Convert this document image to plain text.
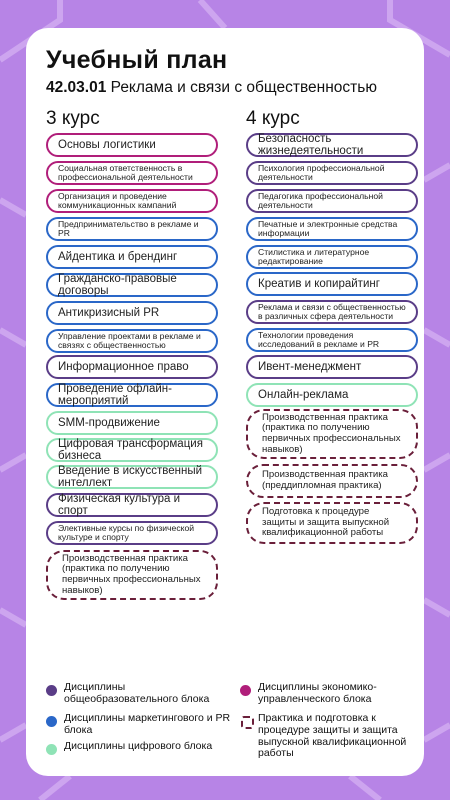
Учебный план
42.03.01 Реклама и связи с общественностью
3 курс	4 курс
Основы логистики
Социальная ответственность в профессиональной деятельности
Организация и проведение коммуникационных кампаний
Предпринимательство в рекламе и PR
Айдентика и брендинг
Гражданско-правовые договоры
Антикризисный PR
Управление проектами в рекламе и связях с общественностью
Информационное право
Проведение офлайн-мероприятий
SMM-продвижение
Цифровая трансформация бизнеса
Введение в искусственный интеллект
Физическая культура и спорт
Элективные курсы по физической культуре и спорту
Производственная практика (практика по получению первичных профессиональных навыков)
Безопасность жизнедеятельности
Психология профессиональной деятельности
Педагогика профессиональной деятельности
Печатные и электронные средства информации
Стилистика и литературное редактирование
Креатив и копирайтинг
Реклама и связи с общественностью в различных сфера деятельности
Технологии проведения исследований в рекламе и PR
Ивент-менеджмент
Онлайн-реклама
Производственная практика (практика по получению первичных профессиональных навыков)
Производственная практика (преддипломная практика)
Подготовка к процедуре защиты и защита выпускной квалификационной работы
Дисциплины общеобразовательного блока
Дисциплины экономико-управленческого блока
Дисциплины маркетингового и PR блока
Практика и подготовка к процедуре защиты и защита выпускной квалификационной работы
Дисциплины цифрового блока
